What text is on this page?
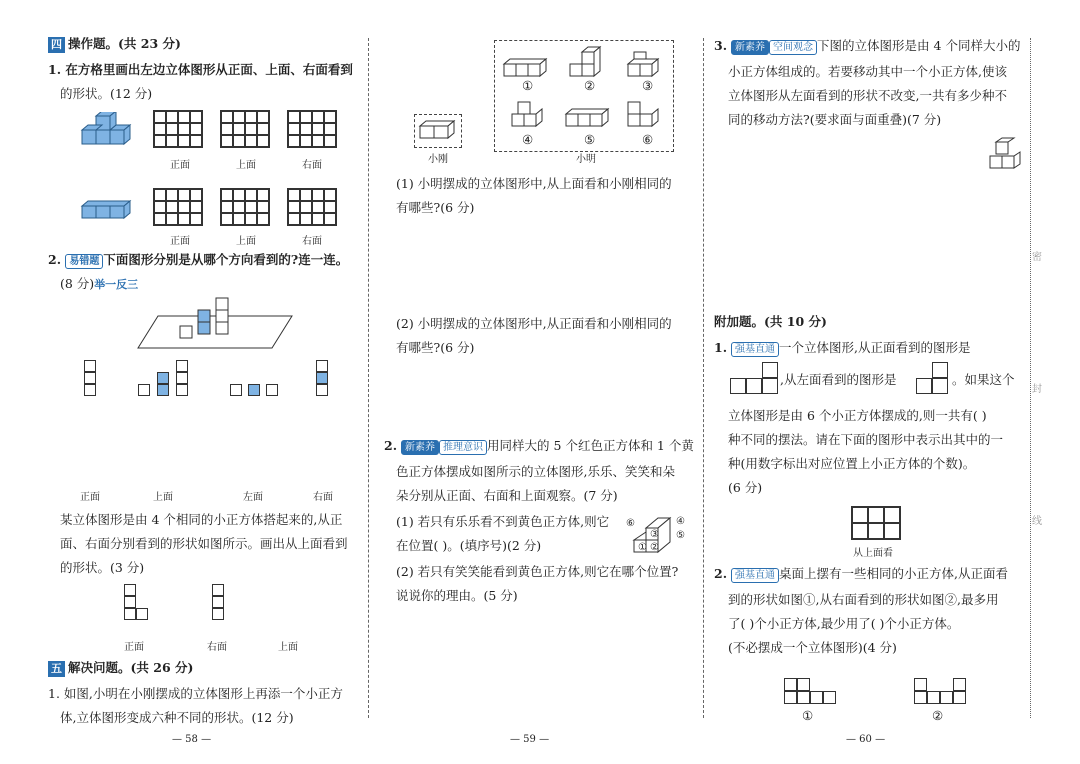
四 操作题。(共 23 分)
1. 在方格里画出左边立体图形从正面、上面、右面看到
的形状。(12 分)
正面	上面	右面
正面	上面	右面
2. 易错题 下面图形分别是从哪个方向看到的?连一连。
(8 分)举一反三
正面	上面	左面	右面
某立体图形是由 4 个相同的小正方体搭起来的,从正
面、右面分别看到的形状如图所示。画出从上面看到
的形状。(3 分)
正面	右面	上面
五 解决问题。(共 26 分)
1. 如图,小明在小刚摆成的立体图形上再添一个小正方
体,立体图形变成六种不同的形状。(12 分)
— 58 —
小刚
①	②	③
④	⑤	⑥
小明
(1) 小明摆成的立体图形中,从上面看和小刚相同的
有哪些?(6 分)
(2) 小明摆成的立体图形中,从正面看和小刚相同的
有哪些?(6 分)
2. 新素养 推理意识 用同样大的 5 个红色正方体和 1 个黄
色正方体摆成如图所示的立体图形,乐乐、笑笑和朵
朵分别从正面、右面和上面观察。(7 分)
(1) 若只有乐乐看不到黄色正方体,则它
在位置( )。(填序号)(2 分)
⑥
① ②
③
④
⑤
(2) 若只有笑笑能看到黄色正方体,则它在哪个位置?
说说你的理由。(5 分)
— 59 —
3. 新素养 空间观念 下图的立体图形是由 4 个同样大小的
小正方体组成的。若要移动其中一个小正方体,使该
立体图形从左面看到的形状不改变,一共有多少种不
同的移动方法?(要求面与面重叠)(7 分)
附加题。(共 10 分)
1. 强基直通 一个立体图形,从正面看到的图形是
,从左面看到的图形是	。如果这个
立体图形是由 6 个小正方体摆成的,则一共有( )
种不同的摆法。请在下面的图形中表示出其中的一
种(用数字标出对应位置上小正方体的个数)。
(6 分)
从上面看
2. 强基直通 桌面上摆有一些相同的小正方体,从正面看
到的形状如图①,从右面看到的形状如图②,最多用
了( )个小正方体,最少用了( )个小正方体。
(不必摆成一个立体图形)(4 分)
①	②
密
封
线
— 60 —
